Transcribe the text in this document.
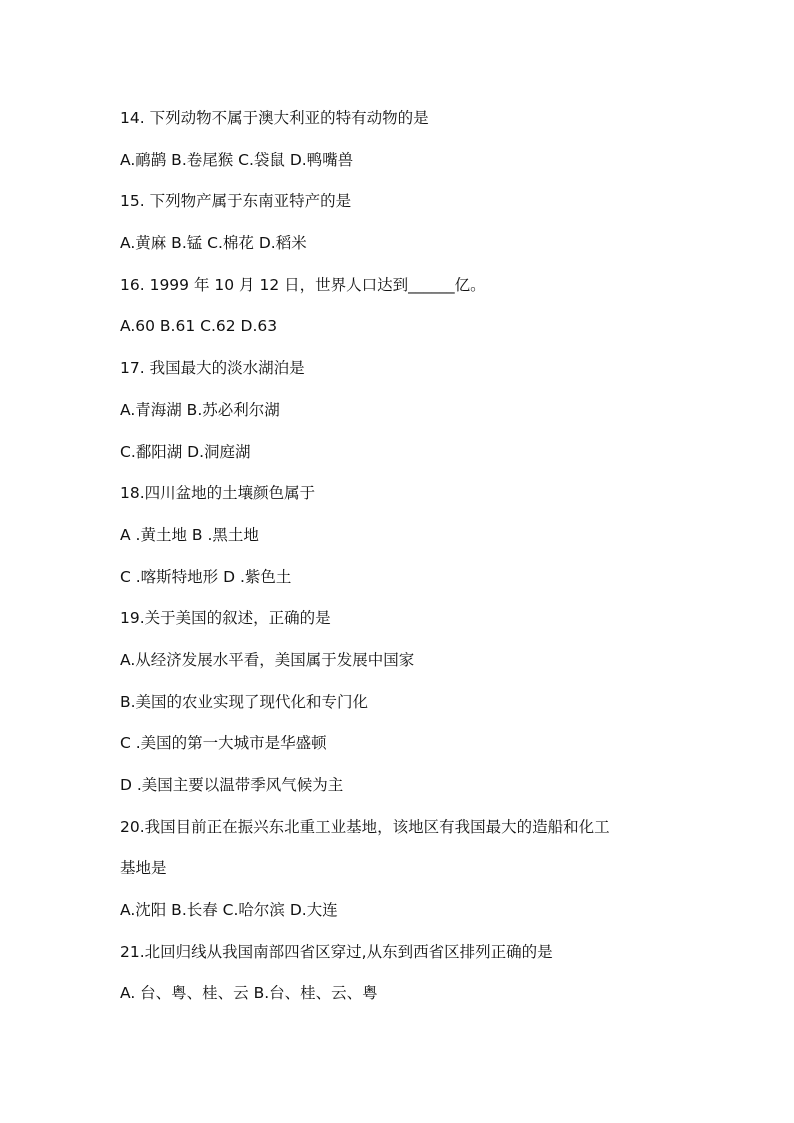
14. 下列动物不属于澳大利亚的特有动物的是
A.鸸鹋 B.卷尾猴 C.袋鼠 D.鸭嘴兽
15. 下列物产属于东南亚特产的是
A.黄麻 B.锰 C.棉花 D.稻米
16. 1999 年 10 月 12 日，世界人口达到______亿。
A.60 B.61 C.62 D.63
17. 我国最大的淡水湖泊是
A.青海湖 B.苏必利尔湖
C.鄱阳湖 D.洞庭湖
18.四川盆地的土壤颜色属于
A .黄土地 B .黑土地
C .喀斯特地形 D .紫色土
19.关于美国的叙述，正确的是
A.从经济发展水平看，美国属于发展中国家
B.美国的农业实现了现代化和专门化
C .美国的第一大城市是华盛顿
D .美国主要以温带季风气候为主
20.我国目前正在振兴东北重工业基地，该地区有我国最大的造船和化工
基地是
A.沈阳 B.长春 C.哈尔滨 D.大连
21.北回归线从我国南部四省区穿过,从东到西省区排列正确的是
A. 台、粤、桂、云 B.台、桂、云、粤
